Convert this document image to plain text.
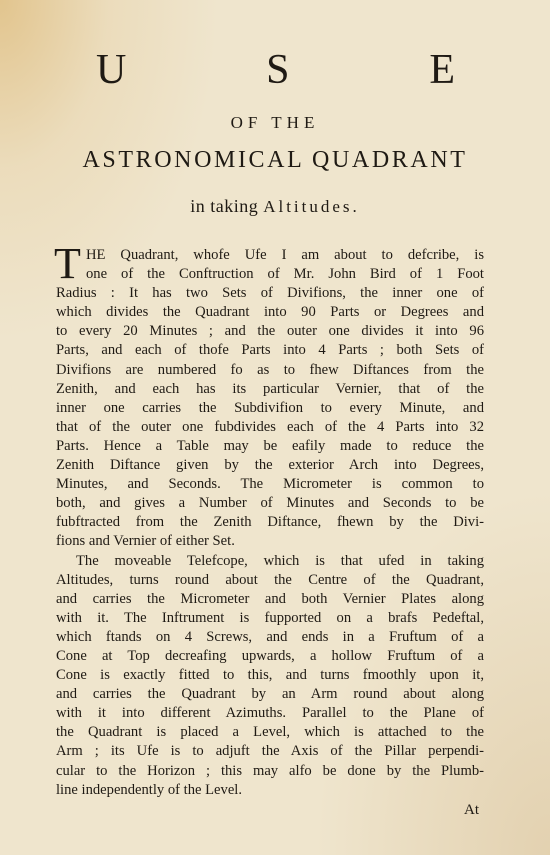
U	S	E
OF THE
ASTRONOMICAL QUADRANT
in taking Altitudes.
T HE Quadrant, whofe Ufe I am about to defcribe, is
one of the Conftruction of Mr. John Bird of 1 Foot
Radius : It has two Sets of Divifions, the inner one of
which divides the Quadrant into 90 Parts or Degrees and
to every 20 Minutes ; and the outer one divides it into 96
Parts, and each of thofe Parts into 4 Parts ; both Sets of
Divifions are numbered fo as to fhew Diftances from the
Zenith, and each has its particular Vernier, that of the
inner one carries the Subdivifion to every Minute, and
that of the outer one fubdivides each of the 4 Parts into 32
Parts. Hence a Table may be eafily made to reduce the
Zenith Diftance given by the exterior Arch into Degrees,
Minutes, and Seconds. The Micrometer is common to
both, and gives a Number of Minutes and Seconds to be
fubftracted from the Zenith Diftance, fhewn by the Divi-
fions and Vernier of either Set.
The moveable Telefcope, which is that ufed in taking
Altitudes, turns round about the Centre of the Quadrant,
and carries the Micrometer and both Vernier Plates along
with it. The Inftrument is fupported on a brafs Pedeftal,
which ftands on 4 Screws, and ends in a Fruftum of a
Cone at Top decreafing upwards, a hollow Fruftum of a
Cone is exactly fitted to this, and turns fmoothly upon it,
and carries the Quadrant by an Arm round about along
with it into different Azimuths. Parallel to the Plane of
the Quadrant is placed a Level, which is attached to the
Arm ; its Ufe is to adjuft the Axis of the Pillar perpendi-
cular to the Horizon ; this may alfo be done by the Plumb-
line independently of the Level.
At
